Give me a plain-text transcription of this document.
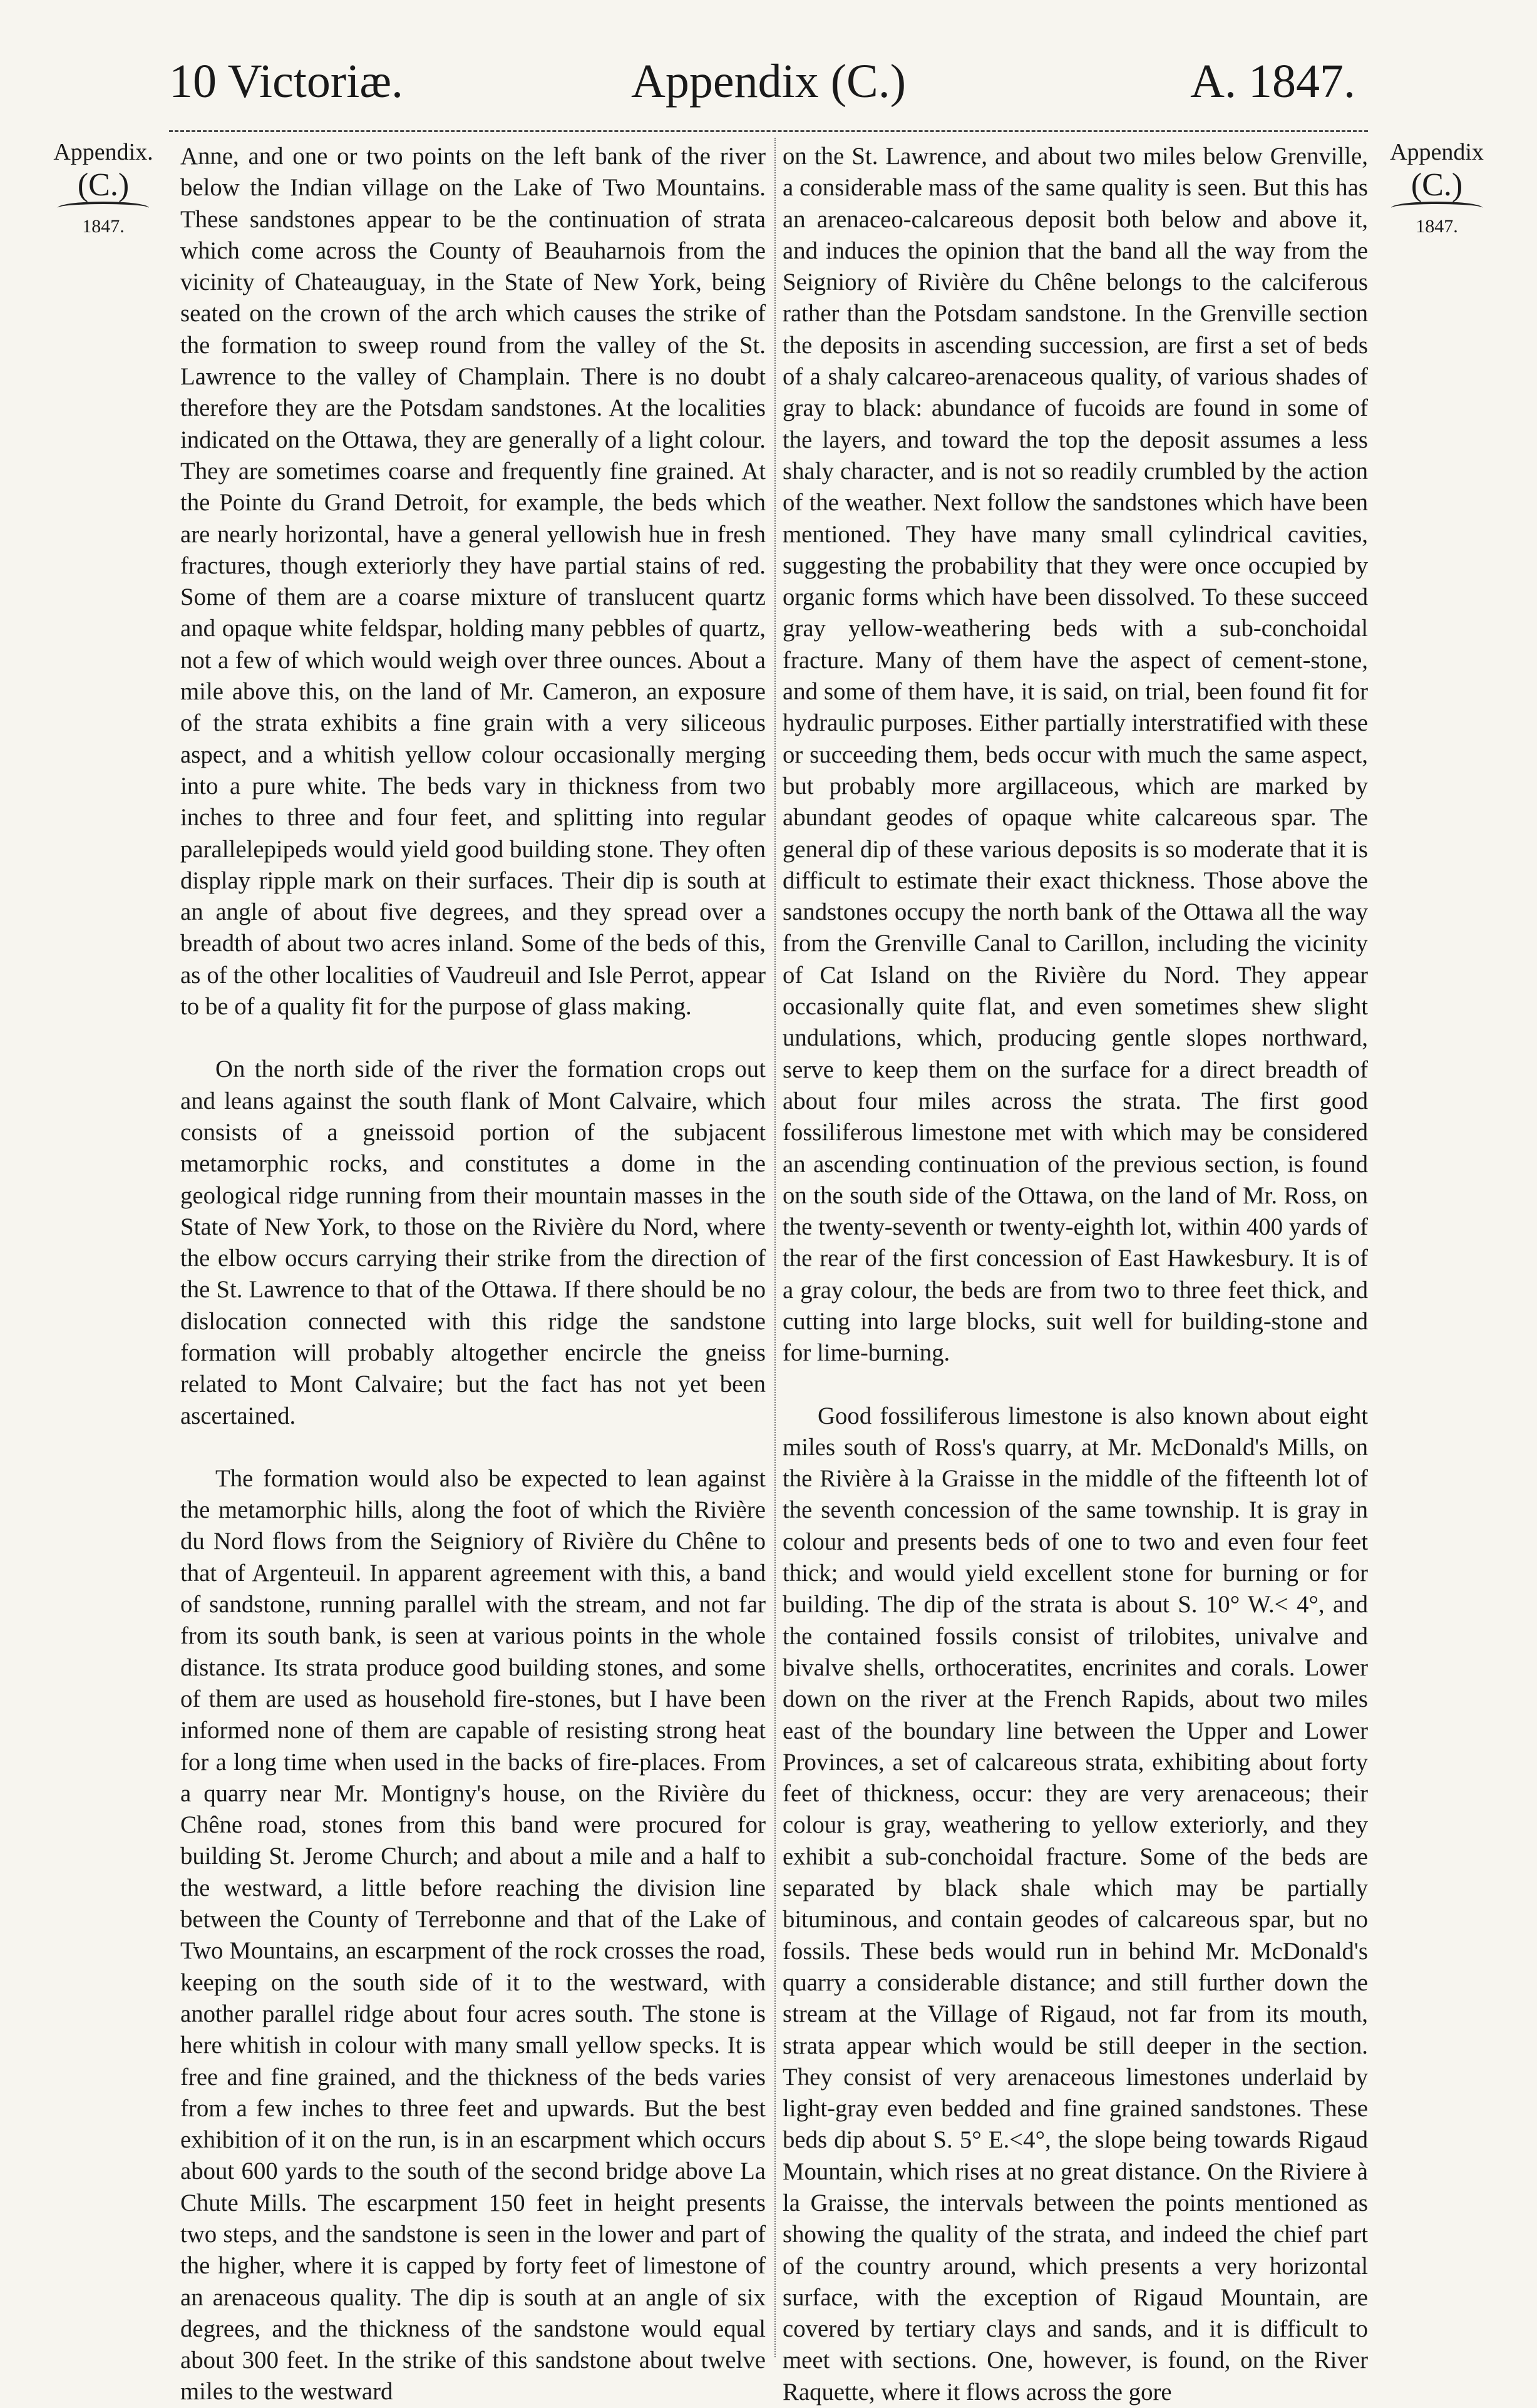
10 Victoriæ.	Appendix (C.)	A. 1847.
Appendix.
(C.)
1847.
Appendix
(C.)
1847.

Anne, and one or two points on the left bank of the river below the Indian village on the Lake of Two Mountains. These sandstones appear to be the continuation of strata which come across the County of Beauharnois from the vicinity of Chateauguay, in the State of New York, being seated on the crown of the arch which causes the strike of the formation to sweep round from the valley of the St. Lawrence to the valley of Champlain. There is no doubt therefore they are the Potsdam sandstones. At the localities indicated on the Ottawa, they are generally of a light colour. They are sometimes coarse and frequently fine grained. At the Pointe du Grand Detroit, for example, the beds which are nearly horizontal, have a general yellowish hue in fresh fractures, though exteriorly they have partial stains of red. Some of them are a coarse mixture of translucent quartz and opaque white feldspar, holding many pebbles of quartz, not a few of which would weigh over three ounces. About a mile above this, on the land of Mr. Cameron, an exposure of the strata exhibits a fine grain with a very siliceous aspect, and a whitish yellow colour occasionally merging into a pure white. The beds vary in thickness from two inches to three and four feet, and splitting into regular parallelepipeds would yield good building stone. They often display ripple mark on their surfaces. Their dip is south at an angle of about five degrees, and they spread over a breadth of about two acres inland. Some of the beds of this, as of the other localities of Vaudreuil and Isle Perrot, appear to be of a quality fit for the purpose of glass making.

On the north side of the river the formation crops out and leans against the south flank of Mont Calvaire, which consists of a gneissoid portion of the subjacent metamorphic rocks, and constitutes a dome in the geological ridge running from their mountain masses in the State of New York, to those on the Rivière du Nord, where the elbow occurs carrying their strike from the direction of the St. Lawrence to that of the Ottawa. If there should be no dislocation connected with this ridge the sandstone formation will probably altogether encircle the gneiss related to Mont Calvaire; but the fact has not yet been ascertained.

The formation would also be expected to lean against the metamorphic hills, along the foot of which the Rivière du Nord flows from the Seigniory of Rivière du Chêne to that of Argenteuil. In apparent agreement with this, a band of sandstone, running parallel with the stream, and not far from its south bank, is seen at various points in the whole distance. Its strata produce good building stones, and some of them are used as household fire-stones, but I have been informed none of them are capable of resisting strong heat for a long time when used in the backs of fire-places. From a quarry near Mr. Montigny's house, on the Rivière du Chêne road, stones from this band were procured for building St. Jerome Church; and about a mile and a half to the westward, a little before reaching the division line between the County of Terrebonne and that of the Lake of Two Mountains, an escarpment of the rock crosses the road, keeping on the south side of it to the westward, with another parallel ridge about four acres south. The stone is here whitish in colour with many small yellow specks. It is free and fine grained, and the thickness of the beds varies from a few inches to three feet and upwards. But the best exhibition of it on the run, is in an escarpment which occurs about 600 yards to the south of the second bridge above La Chute Mills. The escarpment 150 feet in height presents two steps, and the sandstone is seen in the lower and part of the higher, where it is capped by forty feet of limestone of an arenaceous quality. The dip is south at an angle of six degrees, and the thickness of the sandstone would equal about 300 feet. In the strike of this sandstone about twelve miles to the westward

on the St. Lawrence, and about two miles below Grenville, a considerable mass of the same quality is seen. But this has an arenaceo-calcareous deposit both below and above it, and induces the opinion that the band all the way from the Seigniory of Rivière du Chêne belongs to the calciferous rather than the Potsdam sandstone. In the Grenville section the deposits in ascending succession, are first a set of beds of a shaly calcareo-arenaceous quality, of various shades of gray to black: abundance of fucoids are found in some of the layers, and toward the top the deposit assumes a less shaly character, and is not so readily crumbled by the action of the weather. Next follow the sandstones which have been mentioned. They have many small cylindrical cavities, suggesting the probability that they were once occupied by organic forms which have been dissolved. To these succeed gray yellow-weathering beds with a sub-conchoidal fracture. Many of them have the aspect of cement-stone, and some of them have, it is said, on trial, been found fit for hydraulic purposes. Either partially interstratified with these or succeeding them, beds occur with much the same aspect, but probably more argillaceous, which are marked by abundant geodes of opaque white calcareous spar. The general dip of these various deposits is so moderate that it is difficult to estimate their exact thickness. Those above the sandstones occupy the north bank of the Ottawa all the way from the Grenville Canal to Carillon, including the vicinity of Cat Island on the Rivière du Nord. They appear occasionally quite flat, and even sometimes shew slight undulations, which, producing gentle slopes northward, serve to keep them on the surface for a direct breadth of about four miles across the strata. The first good fossiliferous limestone met with which may be considered an ascending continuation of the previous section, is found on the south side of the Ottawa, on the land of Mr. Ross, on the twenty-seventh or twenty-eighth lot, within 400 yards of the rear of the first concession of East Hawkesbury. It is of a gray colour, the beds are from two to three feet thick, and cutting into large blocks, suit well for building-stone and for lime-burning.

Good fossiliferous limestone is also known about eight miles south of Ross's quarry, at Mr. McDonald's Mills, on the Rivière à la Graisse in the middle of the fifteenth lot of the seventh concession of the same township. It is gray in colour and presents beds of one to two and even four feet thick; and would yield excellent stone for burning or for building. The dip of the strata is about S. 10° W.< 4°, and the contained fossils consist of trilobites, univalve and bivalve shells, orthoceratites, encrinites and corals. Lower down on the river at the French Rapids, about two miles east of the boundary line between the Upper and Lower Provinces, a set of calcareous strata, exhibiting about forty feet of thickness, occur: they are very arenaceous; their colour is gray, weathering to yellow exteriorly, and they exhibit a sub-conchoidal fracture. Some of the beds are separated by black shale which may be partially bituminous, and contain geodes of calcareous spar, but no fossils. These beds would run in behind Mr. McDonald's quarry a considerable distance; and still further down the stream at the Village of Rigaud, not far from its mouth, strata appear which would be still deeper in the section. They consist of very arenaceous limestones underlaid by light-gray even bedded and fine grained sandstones. These beds dip about S. 5° E.<4°, the slope being towards Rigaud Mountain, which rises at no great distance. On the Riviere à la Graisse, the intervals between the points mentioned as showing the quality of the strata, and indeed the chief part of the country around, which presents a very horizontal surface, with the exception of Rigaud Mountain, are covered by tertiary clays and sands, and it is difficult to meet with sections. One, however, is found, on the River Raquette, where it flows across the gore
